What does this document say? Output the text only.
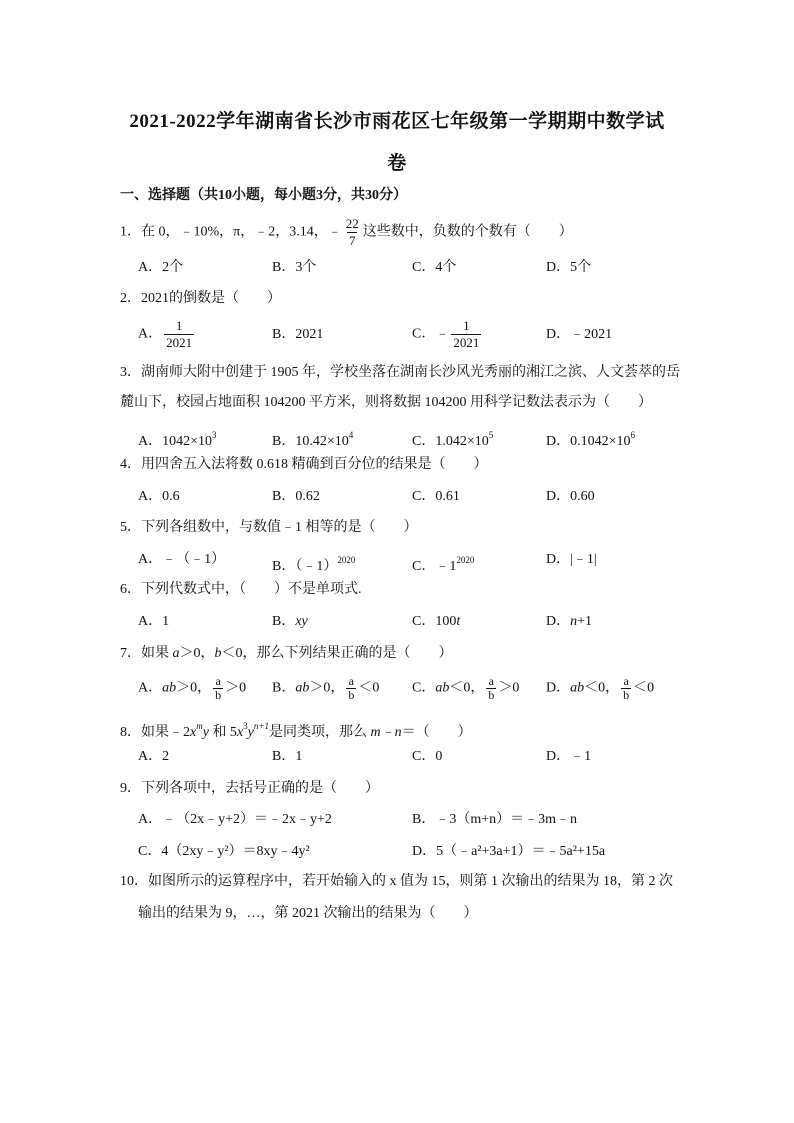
2021-2022学年湖南省长沙市雨花区七年级第一学期期中数学试
卷
一、选择题（共10小题，每小题3分，共30分）
1．在 0，﹣10%，π，﹣2，3.14，﹣ $\frac{22}{7}$ 这些数中，负数的个数有（　　）
A．2个	B．3个	C．4个	D．5个
2．2021的倒数是（　　）
A． $\frac{1}{2021}$	B．2021	C．﹣ $\frac{1}{2021}$	D．﹣2021
3．湖南师大附中创建于 1905 年，学校坐落在湖南长沙风光秀丽的湘江之滨、人文荟萃的岳
麓山下，校园占地面积 104200 平方米，则将数据 104200 用科学记数法表示为（　　）
A．$1042\times 10^3$	B．$10.42\times 10^4$	C．$1.042\times 10^5$	D．$0.1042\times 10^6$
4．用四舍五入法将数 0.618 精确到百分位的结果是（　　）
A．0.6	B．0.62	C．0.61	D．0.60
5．下列各组数中，与数值﹣1 相等的是（　　）
A．﹣（﹣1）	B．（﹣1）$^{2020}$	C．$﹣1^{2020}$	D．|﹣1|
6．下列代数式中，（　　）不是单项式.
A．1	B．xy	C．100t	D．n+1
7．如果 a＞0，b＜0，那么下列结果正确的是（　　）
A．ab＞0， $\frac{a}{b} >0$ B．ab＞0， $\frac{a}{b} <0$ C．ab＜0， $\frac{a}{b} >0$ D．ab＜0， $\frac{a}{b} <0$
8．如果$﹣2x^my$ 和 $5x^3y^{n+1}$是同类项，那么 m﹣n＝（　　）
A．2	B．1	C．0	D．﹣1
9．下列各项中，去括号正确的是（　　）
A．﹣（2x﹣y+2）＝﹣2x﹣y+2	B．﹣3（m+n）＝﹣3m﹣n
C．4（2xy﹣y²）＝8xy﹣4y²	D．5（﹣a²+3a+1）＝﹣5a²+15a
10．如图所示的运算程序中，若开始输入的 x 值为 15，则第 1 次输出的结果为 18，第 2 次
输出的结果为 9，…，第 2021 次输出的结果为（　　）
